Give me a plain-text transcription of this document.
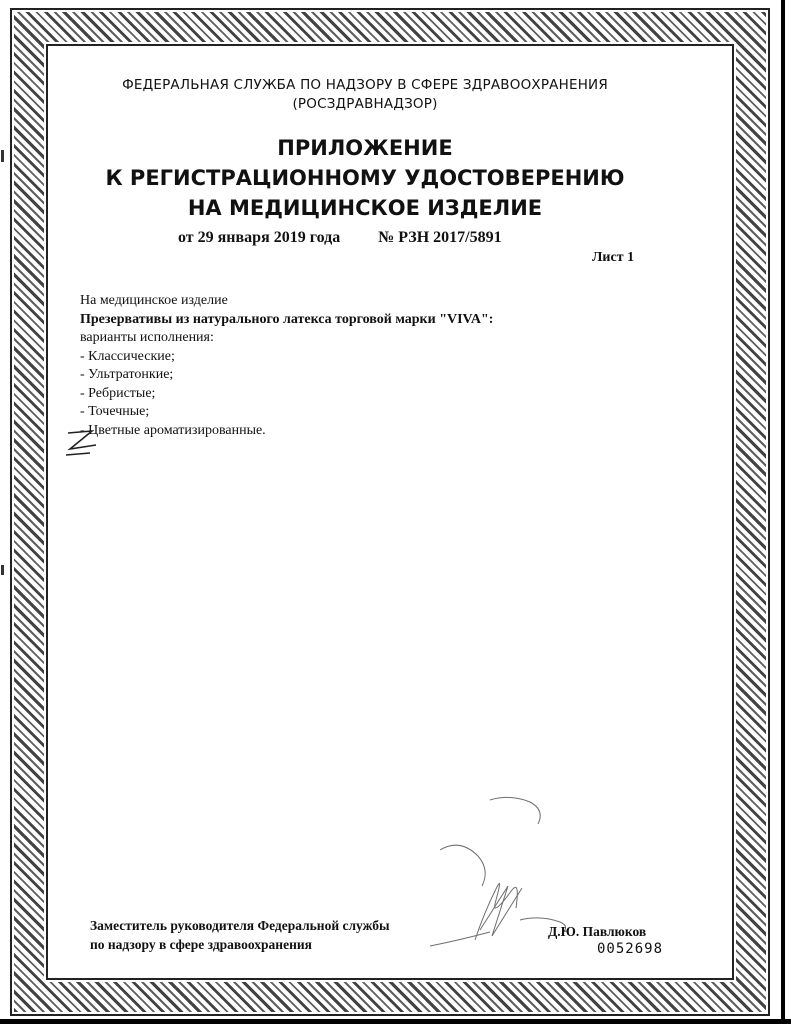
ФЕДЕРАЛЬНАЯ СЛУЖБА ПО НАДЗОРУ В СФЕРЕ ЗДРАВООХРАНЕНИЯ
(РОСЗДРАВНАДЗОР)
ПРИЛОЖЕНИЕ
К РЕГИСТРАЦИОННОМУ УДОСТОВЕРЕНИЮ
НА МЕДИЦИНСКОЕ ИЗДЕЛИЕ
от 29 января 2019 года № РЗН 2017/5891
Лист 1
На медицинское изделие
Презервативы из натурального латекса торговой марки "VIVA":
варианты исполнения:
- Классические;
- Ультратонкие;
- Ребристые;
- Точечные;
- Цветные ароматизированные.
Заместитель руководителя Федеральной службы
по надзору в сфере здравоохранения
Д.Ю. Павлюков
0052698
